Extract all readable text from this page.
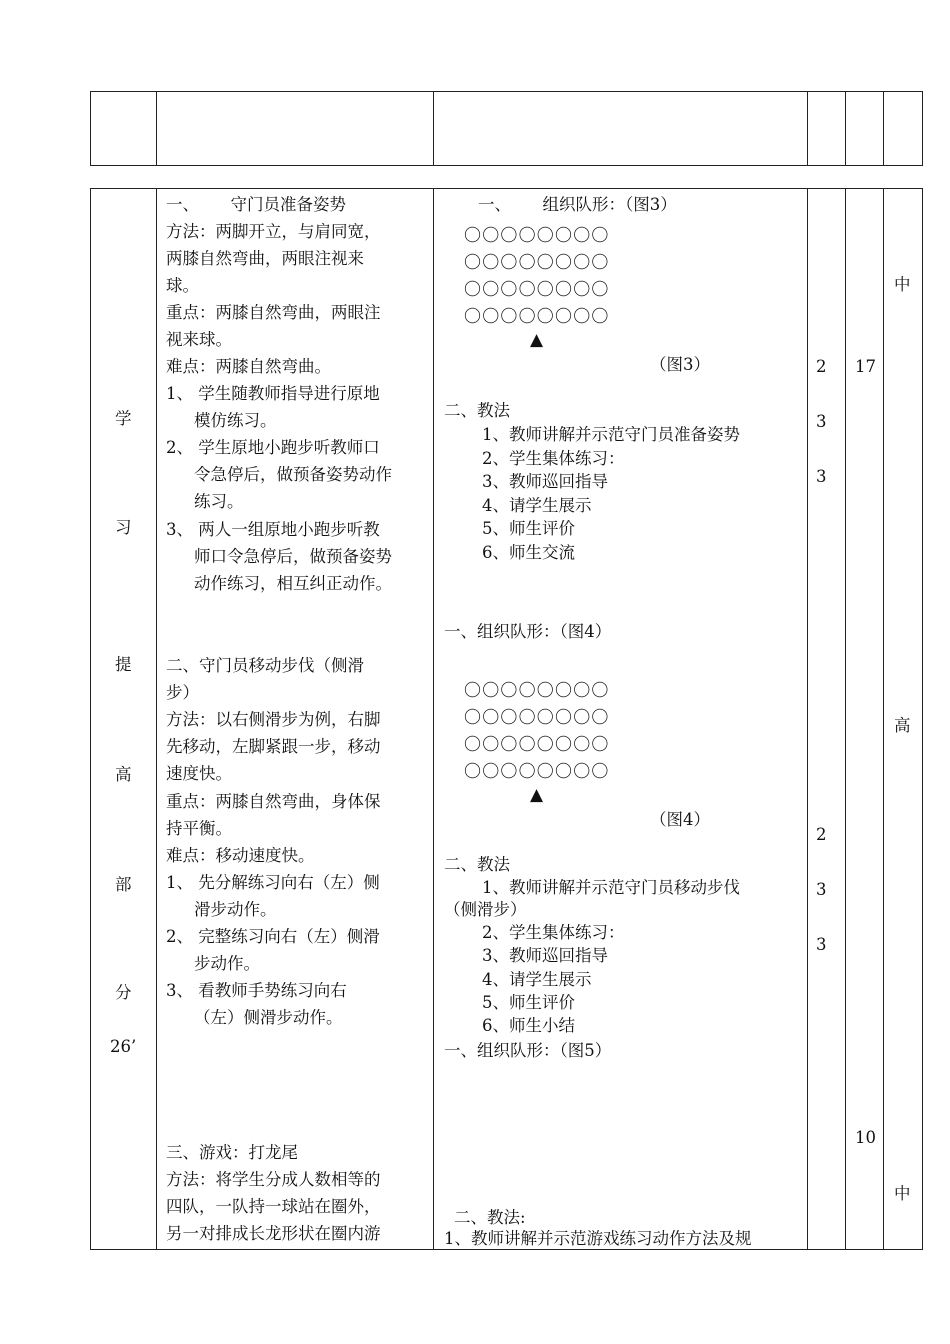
学
习
提
高
部
分
26’
一、      守门员准备姿势
方法：两脚开立，与肩同宽，
两膝自然弯曲，两眼注视来
球。
重点：两膝自然弯曲，两眼注
视来球。
难点：两膝自然弯曲。
1、 学生随教师指导进行原地
模仿练习。
2、 学生原地小跑步听教师口
令急停后，做预备姿势动作
练习。
3、 两人一组原地小跑步听教
师口令急停后，做预备姿势
动作练习，相互纠正动作。
二、守门员移动步伐（侧滑
步）
方法：以右侧滑步为例，右脚
先移动，左脚紧跟一步，移动
速度快。
重点：两膝自然弯曲，身体保
持平衡。
难点：移动速度快。
1、 先分解练习向右（左）侧
滑步动作。
2、 完整练习向右（左）侧滑
步动作。
3、 看教师手势练习向右
（左）侧滑步动作。
三、游戏：打龙尾
方法：将学生分成人数相等的
四队，一队持一球站在圈外，
另一对排成长龙形状在圈内游
一、      组织队形：（图3）
〇〇〇〇〇〇〇〇
〇〇〇〇〇〇〇〇
〇〇〇〇〇〇〇〇
〇〇〇〇〇〇〇〇
▲
（图3）
二、教法
1、教师讲解并示范守门员准备姿势
2、学生集体练习：
3、教师巡回指导
4、请学生展示
5、师生评价
6、师生交流
一、组织队形：（图4）
〇〇〇〇〇〇〇〇
〇〇〇〇〇〇〇〇
〇〇〇〇〇〇〇〇
〇〇〇〇〇〇〇〇
▲
（图4）
二、教法
1、教师讲解并示范守门员移动步伐
（侧滑步）
2、学生集体练习：
3、教师巡回指导
4、请学生展示
5、师生评价
6、师生小结
一、组织队形：（图5）
二、教法:
1、教师讲解并示范游戏练习动作方法及规
2
3
3
2
3
3
17
10
中
高
中
